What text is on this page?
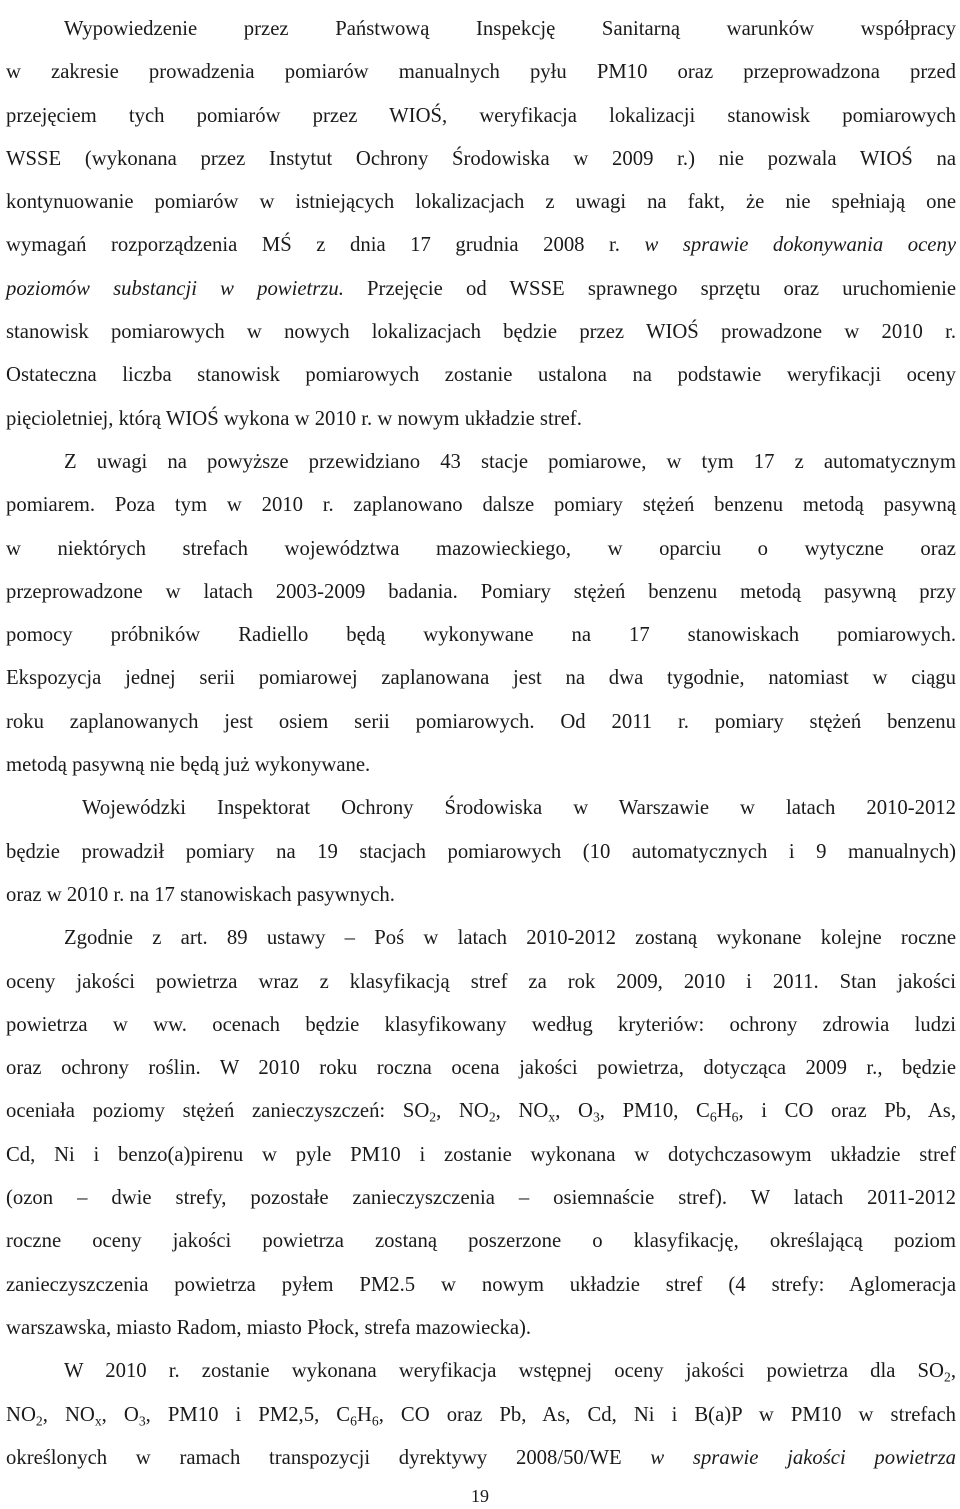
Wypowiedzenie przez Państwową Inspekcję Sanitarną warunków współpracy
w zakresie prowadzenia pomiarów manualnych pyłu PM10 oraz przeprowadzona przed
przejęciem tych pomiarów przez WIOŚ, weryfikacja lokalizacji stanowisk pomiarowych
WSSE (wykonana przez Instytut Ochrony Środowiska w 2009 r.) nie pozwala WIOŚ na
kontynuowanie pomiarów w istniejących lokalizacjach z uwagi na fakt, że nie spełniają one
wymagań rozporządzenia MŚ z dnia 17 grudnia 2008 r. w sprawie dokonywania oceny
poziomów substancji w powietrzu. Przejęcie od WSSE sprawnego sprzętu oraz uruchomienie
stanowisk pomiarowych w nowych lokalizacjach będzie przez WIOŚ prowadzone w 2010 r.
Ostateczna liczba stanowisk pomiarowych zostanie ustalona na podstawie weryfikacji oceny
pięcioletniej, którą WIOŚ wykona w 2010 r. w nowym układzie stref.
Z uwagi na powyższe przewidziano 43 stacje pomiarowe, w tym 17 z automatycznym
pomiarem. Poza tym w 2010 r. zaplanowano dalsze pomiary stężeń benzenu metodą pasywną
w niektórych strefach województwa mazowieckiego, w oparciu o wytyczne oraz
przeprowadzone w latach 2003-2009 badania. Pomiary stężeń benzenu metodą pasywną przy
pomocy próbników Radiello będą wykonywane na 17 stanowiskach pomiarowych.
Ekspozycja jednej serii pomiarowej zaplanowana jest na dwa tygodnie, natomiast w ciągu
roku zaplanowanych jest osiem serii pomiarowych. Od 2011 r. pomiary stężeń benzenu
metodą pasywną nie będą już wykonywane.
Wojewódzki Inspektorat Ochrony Środowiska w Warszawie w latach 2010-2012
będzie prowadził pomiary na 19 stacjach pomiarowych (10 automatycznych i 9 manualnych)
oraz w 2010 r. na 17 stanowiskach pasywnych.
Zgodnie z art. 89 ustawy – Poś w latach 2010-2012 zostaną wykonane kolejne roczne
oceny jakości powietrza wraz z klasyfikacją stref za rok 2009, 2010 i 2011. Stan jakości
powietrza w ww. ocenach będzie klasyfikowany według kryteriów: ochrony zdrowia ludzi
oraz ochrony roślin. W 2010 roku roczna ocena jakości powietrza, dotycząca 2009 r., będzie
oceniała poziomy stężeń zanieczyszczeń: $SO_2$, $NO_2$, $NO_x$, $O_3$, PM10, $C_6H_6$, i CO oraz Pb, As,
Cd, Ni i benzo(a)pirenu w pyle PM10 i zostanie wykonana w dotychczasowym układzie stref
(ozon – dwie strefy, pozostałe zanieczyszczenia – osiemnaście stref). W latach 2011-2012
roczne oceny jakości powietrza zostaną poszerzone o klasyfikację, określającą poziom
zanieczyszczenia powietrza pyłem PM2.5 w nowym układzie stref (4 strefy: Aglomeracja
warszawska, miasto Radom, miasto Płock, strefa mazowiecka).
W 2010 r. zostanie wykonana weryfikacja wstępnej oceny jakości powietrza dla $SO_2$,
$NO_2$, $NO_x$, $O_3$, PM10 i PM2,5, $C_6H_6$, CO oraz Pb, As, Cd, Ni i B(a)P w PM10 w strefach
określonych w ramach transpozycji dyrektywy 2008/50/WE w sprawie jakości powietrza
19
